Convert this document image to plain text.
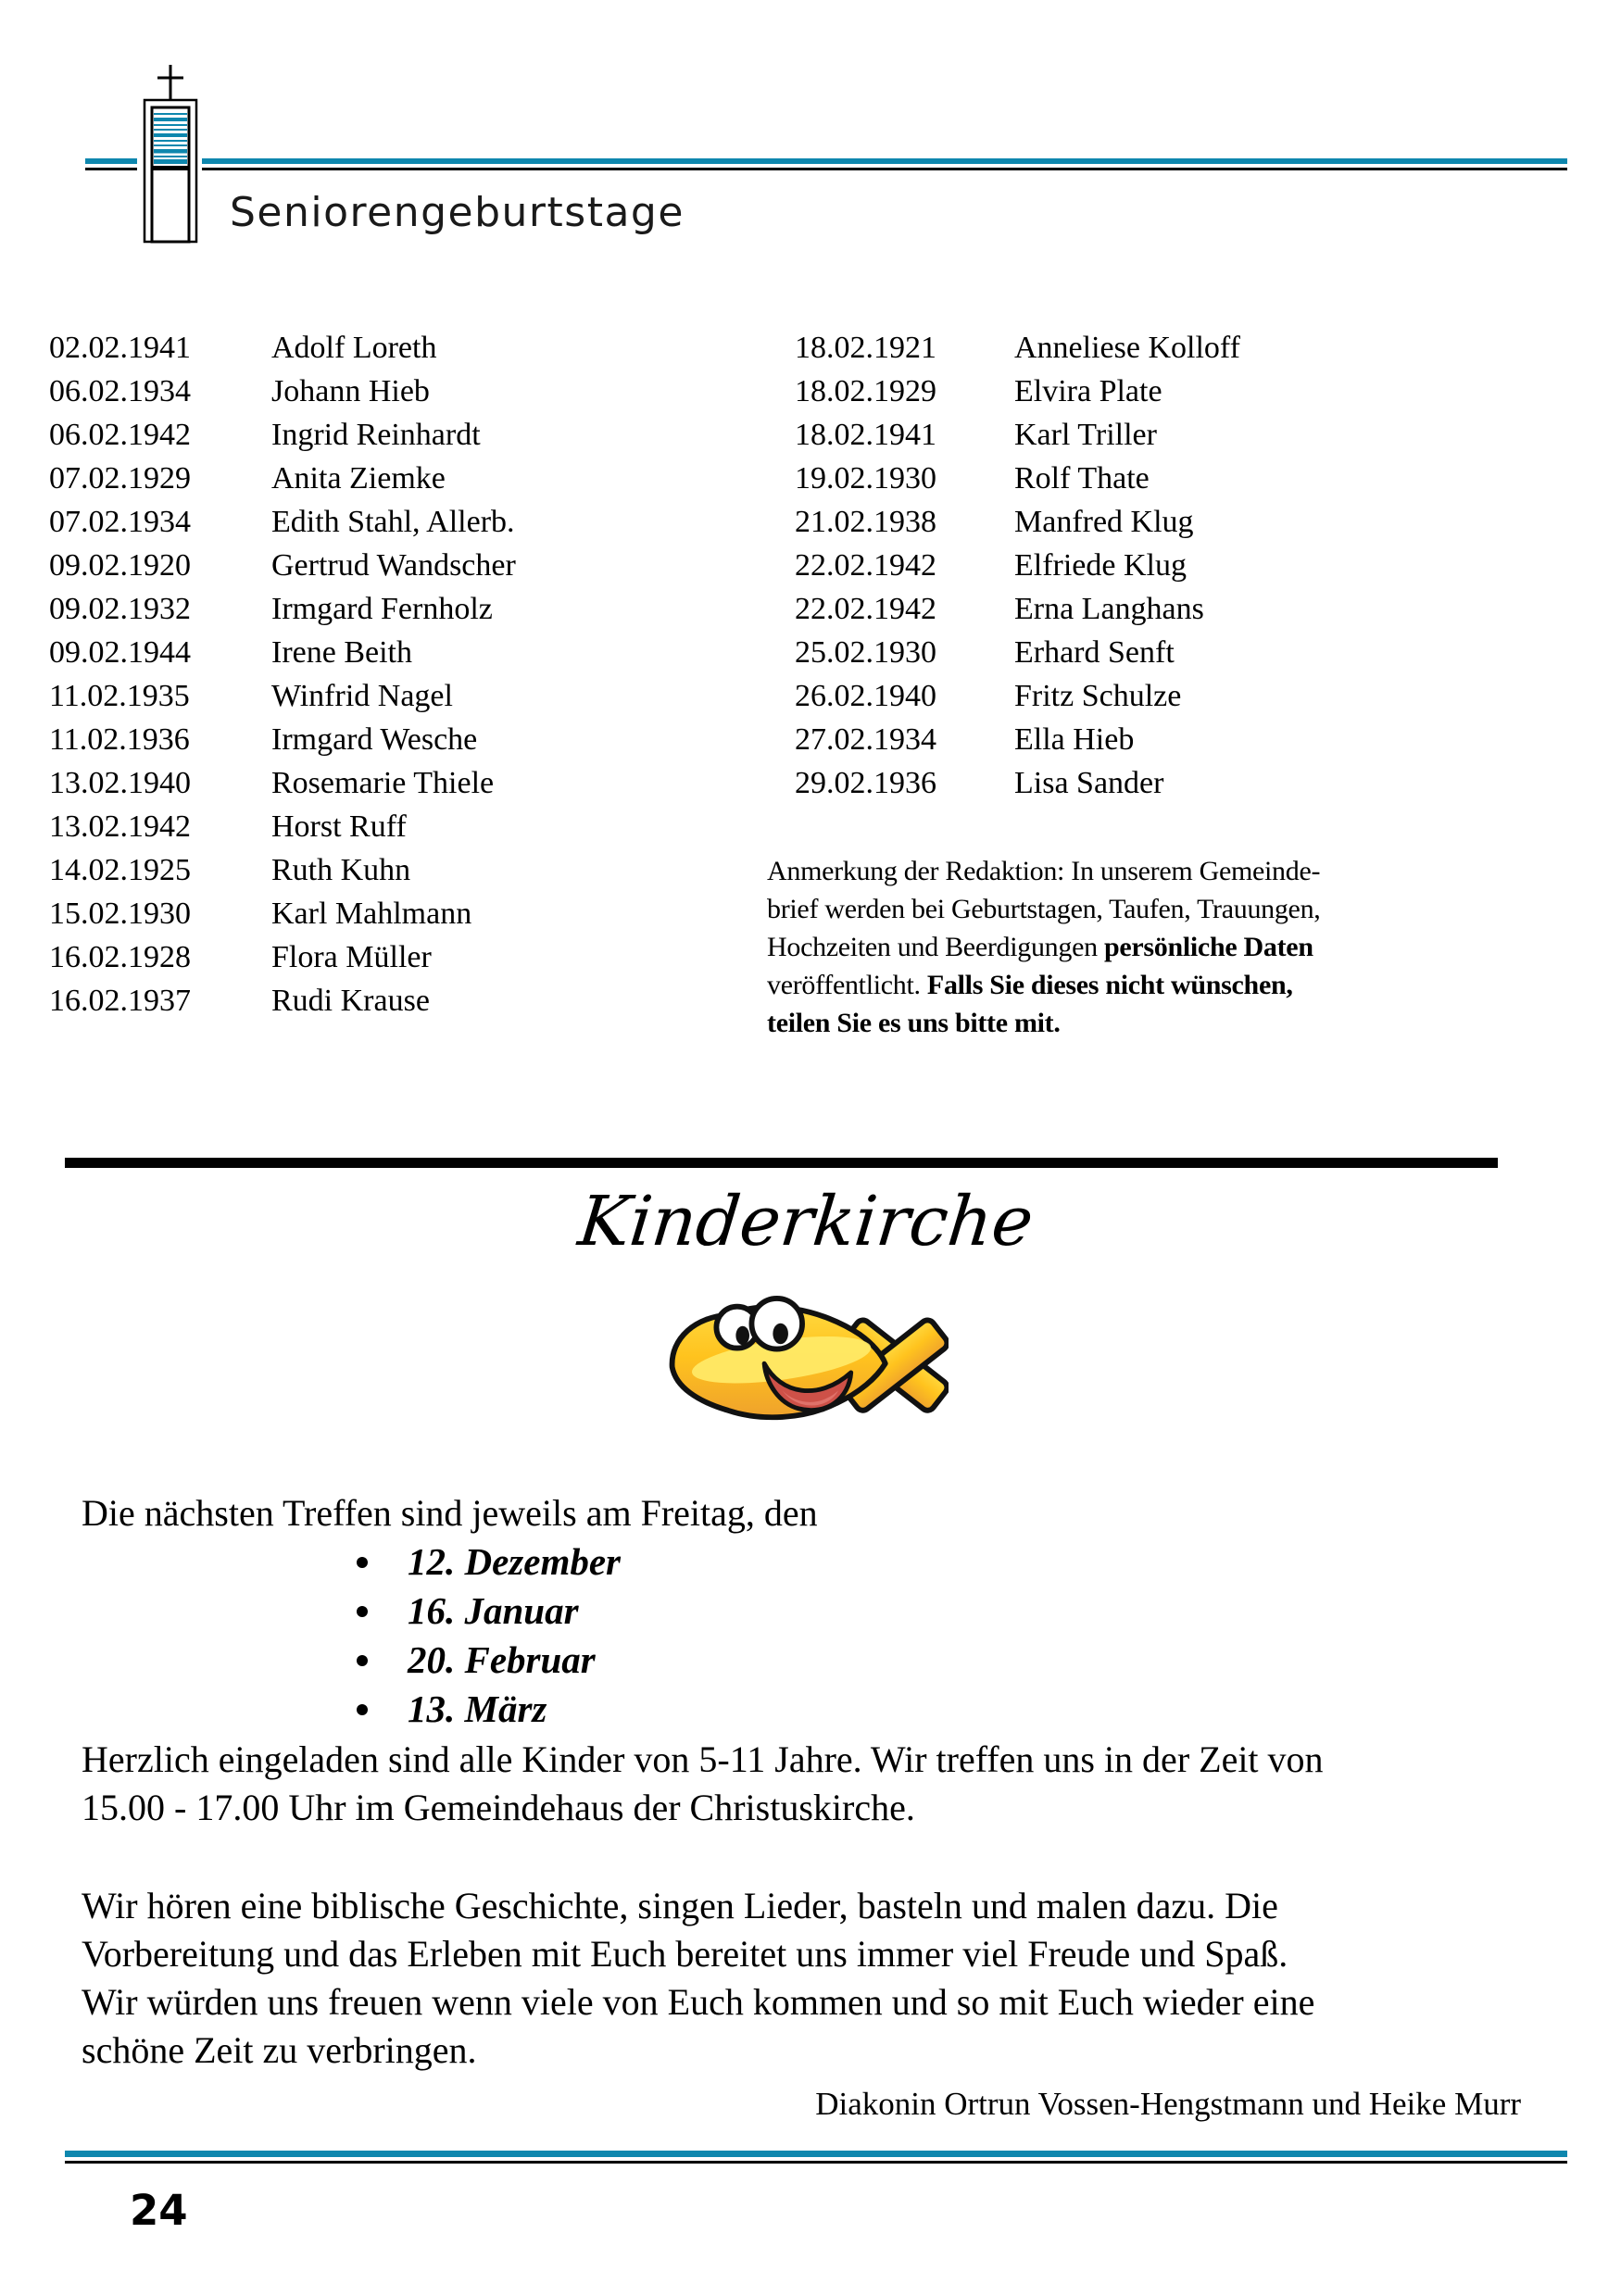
Seniorengeburtstage
02.02.1941	Adolf Loreth
06.02.1934	Johann Hieb
06.02.1942	Ingrid Reinhardt
07.02.1929	Anita Ziemke
07.02.1934	Edith Stahl, Allerb.
09.02.1920	Gertrud Wandscher
09.02.1932	Irmgard Fernholz
09.02.1944	Irene Beith
11.02.1935	Winfrid Nagel
11.02.1936	Irmgard Wesche
13.02.1940	Rosemarie Thiele
13.02.1942	Horst Ruff
14.02.1925	Ruth Kuhn
15.02.1930	Karl Mahlmann
16.02.1928	Flora Müller
16.02.1937	Rudi Krause
18.02.1921 Anneliese Kolloff
18.02.1929 Elvira Plate
18.02.1941 Karl Triller
19.02.1930 Rolf Thate
21.02.1938 Manfred Klug
22.02.1942 Elfriede Klug
22.02.1942 Erna Langhans
25.02.1930 Erhard Senft
26.02.1940 Fritz Schulze
27.02.1934 Ella Hieb
29.02.1936 Lisa Sander
Anmerkung der Redaktion: In unserem Gemeinde-
brief werden bei Geburtstagen, Taufen, Trauungen,
Hochzeiten und Beerdigungen persönliche Daten
veröffentlicht. Falls Sie dieses nicht wünschen,
teilen Sie es uns bitte mit.
Kinderkirche
Die nächsten Treffen sind jeweils am Freitag, den
12. Dezember
16. Januar
20. Februar
13. März
Herzlich eingeladen sind alle Kinder von 5-11 Jahre. Wir treffen uns in der Zeit von
15.00 - 17.00 Uhr im Gemeindehaus der Christuskirche.
Wir hören eine biblische Geschichte, singen Lieder, basteln und malen dazu. Die
Vorbereitung und das Erleben mit Euch bereitet uns immer viel Freude und Spaß.
Wir würden uns freuen wenn viele von Euch kommen und so mit Euch wieder eine
schöne Zeit zu verbringen.
Diakonin Ortrun Vossen-Hengstmann und Heike Murr
24
